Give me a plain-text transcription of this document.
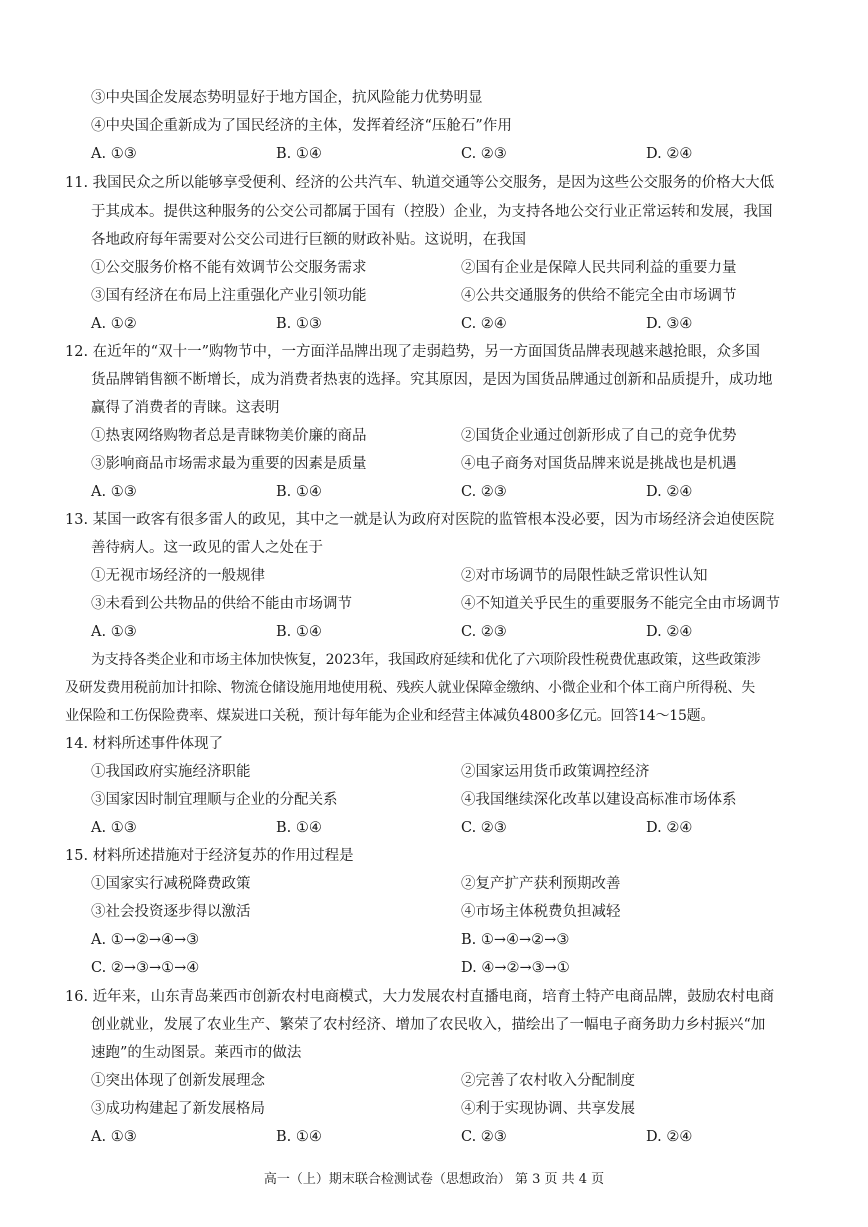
③中央国企发展态势明显好于地方国企，抗风险能力优势明显
④中央国企重新成为了国民经济的主体，发挥着经济“压舱石”作用
A. ①③	B. ①④	C. ②③	D. ②④
11. 我国民众之所以能够享受便利、经济的公共汽车、轨道交通等公交服务，是因为这些公交服务的价格大大低
于其成本。提供这种服务的公交公司都属于国有（控股）企业，为支持各地公交行业正常运转和发展，我国
各地政府每年需要对公交公司进行巨额的财政补贴。这说明，在我国
①公交服务价格不能有效调节公交服务需求	②国有企业是保障人民共同利益的重要力量
③国有经济在布局上注重强化产业引领功能	④公共交通服务的供给不能完全由市场调节
A. ①②	B. ①③	C. ②④	D. ③④
12. 在近年的“双十一”购物节中，一方面洋品牌出现了走弱趋势，另一方面国货品牌表现越来越抢眼，众多国
货品牌销售额不断增长，成为消费者热衷的选择。究其原因，是因为国货品牌通过创新和品质提升，成功地
赢得了消费者的青睐。这表明
①热衷网络购物者总是青睐物美价廉的商品	②国货企业通过创新形成了自己的竞争优势
③影响商品市场需求最为重要的因素是质量	④电子商务对国货品牌来说是挑战也是机遇
A. ①③	B. ①④	C. ②③	D. ②④
13. 某国一政客有很多雷人的政见，其中之一就是认为政府对医院的监管根本没必要，因为市场经济会迫使医院
善待病人。这一政见的雷人之处在于
①无视市场经济的一般规律	②对市场调节的局限性缺乏常识性认知
③未看到公共物品的供给不能由市场调节	④不知道关乎民生的重要服务不能完全由市场调节
A. ①③	B. ①④	C. ②③	D. ②④
为支持各类企业和市场主体加快恢复，2023年，我国政府延续和优化了六项阶段性税费优惠政策，这些政策涉
及研发费用税前加计扣除、物流仓储设施用地使用税、残疾人就业保障金缴纳、小微企业和个体工商户所得税、失
业保险和工伤保险费率、煤炭进口关税，预计每年能为企业和经营主体减负4800多亿元。回答14～15题。
14. 材料所述事件体现了
①我国政府实施经济职能	②国家运用货币政策调控经济
③国家因时制宜理顺与企业的分配关系	④我国继续深化改革以建设高标准市场体系
A. ①③	B. ①④	C. ②③	D. ②④
15. 材料所述措施对于经济复苏的作用过程是
①国家实行减税降费政策	②复产扩产获利预期改善
③社会投资逐步得以激活	④市场主体税费负担减轻
A. ①→②→④→③	B. ①→④→②→③
C. ②→③→①→④	D. ④→②→③→①
16. 近年来，山东青岛莱西市创新农村电商模式，大力发展农村直播电商，培育土特产电商品牌，鼓励农村电商
创业就业，发展了农业生产、繁荣了农村经济、增加了农民收入，描绘出了一幅电子商务助力乡村振兴“加
速跑”的生动图景。莱西市的做法
①突出体现了创新发展理念	②完善了农村收入分配制度
③成功构建起了新发展格局	④利于实现协调、共享发展
A. ①③	B. ①④	C. ②③	D. ②④
高一（上）期末联合检测试卷（思想政治） 第 3 页 共 4 页
